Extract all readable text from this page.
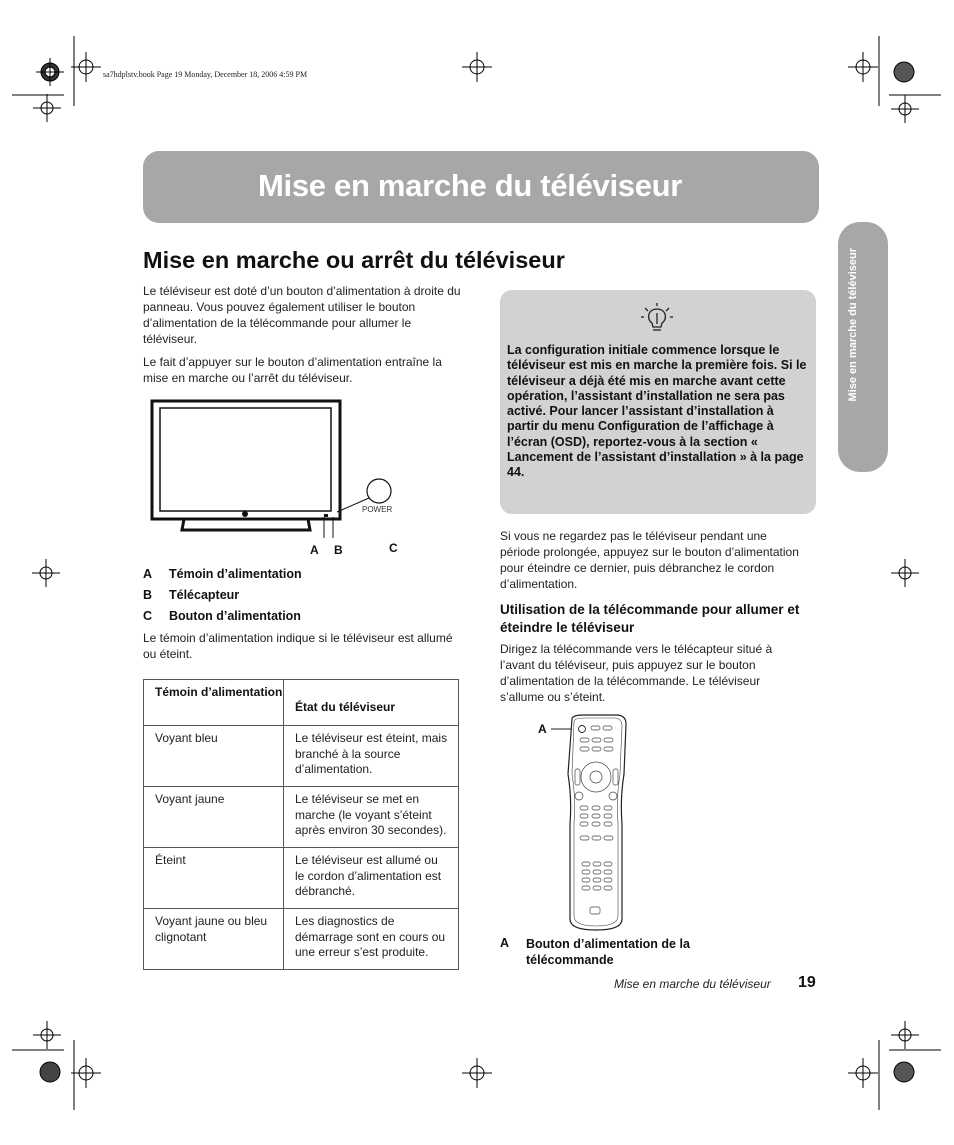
sa7hdplstv.book Page 19 Monday, December 18, 2006 4:59 PM
Mise en marche du téléviseur
Mise en marche du téléviseur
Mise en marche ou arrêt du téléviseur

Le téléviseur est doté d’un bouton d’alimentation à droite du panneau. Vous pouvez également utiliser le bouton d’alimentation de la télécommande pour allumer le téléviseur.

Le fait d’appuyer sur le bouton d’alimentation entraîne la mise en marche ou l’arrêt du téléviseur.

POWER
A B	C
A Témoin d’alimentation
B Télécapteur
C Bouton d’alimentation

Le témoin d’alimentation indique si le téléviseur est allumé ou éteint.

Témoin d’alimentation	État du téléviseur
Voyant bleu	Le téléviseur est éteint, mais branché à la source d’alimentation.
Voyant jaune	Le téléviseur se met en marche (le voyant s’éteint après environ 30 secondes).
Éteint	Le téléviseur est allumé ou le cordon d’alimentation est débranché.
Voyant jaune ou bleu clignotant	Les diagnostics de démarrage sont en cours ou une erreur s’est produite.

La configuration initiale commence lorsque le téléviseur est mis en marche la première fois. Si le téléviseur a déjà été mis en marche avant cette opération, l’assistant d’installation ne sera pas activé. Pour lancer l’assistant d’installation à partir du menu Configuration de l’affichage à l’écran (OSD), reportez-vous à la section « Lancement de l’assistant d’installation » à la page 44.

Si vous ne regardez pas le téléviseur pendant une période prolongée, appuyez sur le bouton d’alimentation pour éteindre ce dernier, puis débranchez le cordon d’alimentation.

Utilisation de la télécommande pour allumer et éteindre le téléviseur

Dirigez la télécommande vers le télécapteur situé à l’avant du téléviseur, puis appuyez sur le bouton d’alimentation de la télécommande. Le téléviseur s’allume ou s’éteint.

A
A	Bouton d’alimentation de la télécommande
Mise en marche du téléviseur 19
